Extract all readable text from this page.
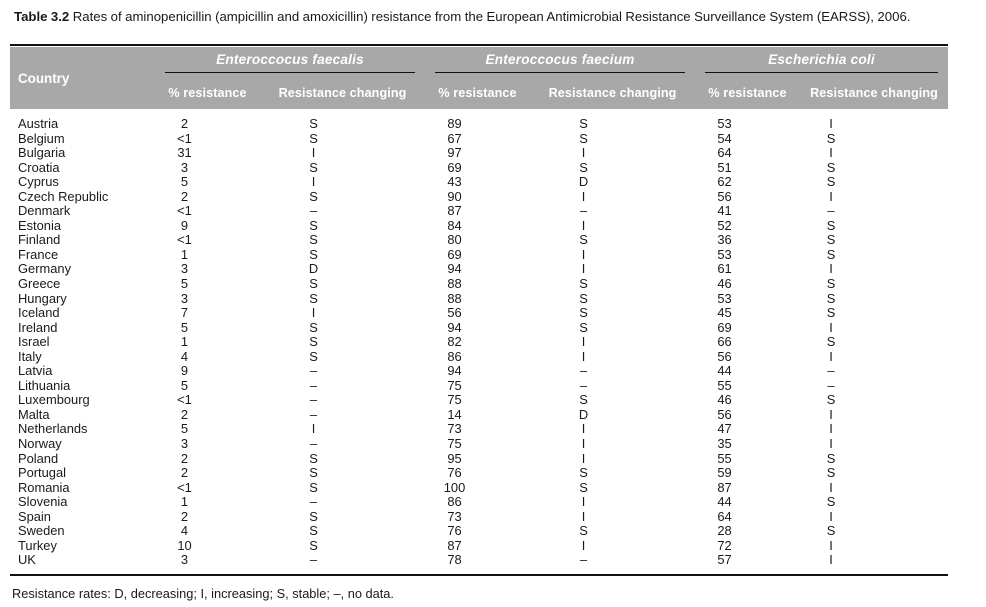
Table 3.2 Rates of aminopenicillin (ampicillin and amoxicillin) resistance from the European Antimicrobial Resistance Surveillance System (EARSS), 2006.
Country	Enteroccocus faecalis		Enteroccocus faecium		Escherichia coli	

	% resistance	Resistance changing	% resistance	Resistance changing	% resistance	Resistance changing

Austria	2	S	89	S	53	I
Belgium	<1	S	67	S	54	S
Bulgaria	31	I	97	I	64	I
Croatia	3	S	69	S	51	S
Cyprus	5	I	43	D	62	S
Czech Republic	2	S	90	I	56	I
Denmark	<1	–	87	–	41	–
Estonia	9	S	84	I	52	S
Finland	<1	S	80	S	36	S
France	1	S	69	I	53	S
Germany	3	D	94	I	61	I
Greece	5	S	88	S	46	S
Hungary	3	S	88	S	53	S
Iceland	7	I	56	S	45	S
Ireland	5	S	94	S	69	I
Israel	1	S	82	I	66	S
Italy	4	S	86	I	56	I
Latvia	9	–	94	–	44	–
Lithuania	5	–	75	–	55	–
Luxembourg	<1	–	75	S	46	S
Malta	2	–	14	D	56	I
Netherlands	5	I	73	I	47	I
Norway	3	–	75	I	35	I
Poland	2	S	95	I	55	S
Portugal	2	S	76	S	59	S
Romania	<1	S	100	S	87	I
Slovenia	1	–	86	I	44	S
Spain	2	S	73	I	64	I
Sweden	4	S	76	S	28	S
Turkey	10	S	87	I	72	I
UK	3	–	78	–	57	I
Resistance rates: D, decreasing; I, increasing; S, stable; –, no data.
